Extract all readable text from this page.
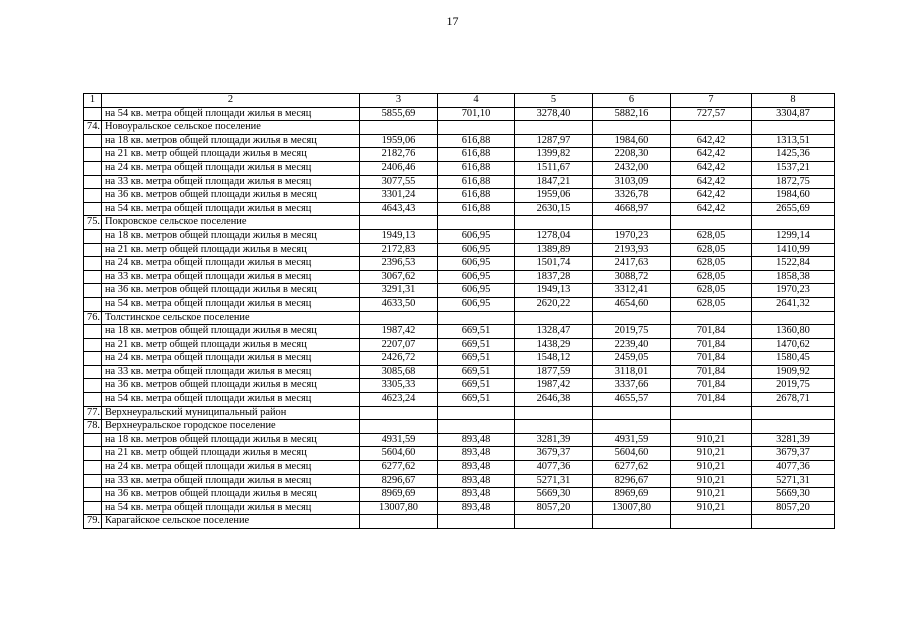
17
1	2	3	4	5	6	7	8
	на 54 кв. метра общей площади жилья в месяц	5855,69	701,10	3278,40	5882,16	727,57	3304,87
74.	Новоуральское сельское поселение						
	на 18 кв. метров общей площади жилья в месяц	1959,06	616,88	1287,97	1984,60	642,42	1313,51
	на 21 кв. метр общей площади жилья в месяц	2182,76	616,88	1399,82	2208,30	642,42	1425,36
	на 24 кв. метра общей площади жилья в месяц	2406,46	616,88	1511,67	2432,00	642,42	1537,21
	на 33 кв. метра общей площади жилья в месяц	3077,55	616,88	1847,21	3103,09	642,42	1872,75
	на 36 кв. метров общей площади жилья в месяц	3301,24	616,88	1959,06	3326,78	642,42	1984,60
	на 54 кв. метра общей площади жилья в месяц	4643,43	616,88	2630,15	4668,97	642,42	2655,69
75.	Покровское сельское поселение						
	на 18 кв. метров общей площади жилья в месяц	1949,13	606,95	1278,04	1970,23	628,05	1299,14
	на 21 кв. метр общей площади жилья в месяц	2172,83	606,95	1389,89	2193,93	628,05	1410,99
	на 24 кв. метра общей площади жилья в месяц	2396,53	606,95	1501,74	2417,63	628,05	1522,84
	на 33 кв. метра общей площади жилья в месяц	3067,62	606,95	1837,28	3088,72	628,05	1858,38
	на 36 кв. метров общей площади жилья в месяц	3291,31	606,95	1949,13	3312,41	628,05	1970,23
	на 54 кв. метра общей площади жилья в месяц	4633,50	606,95	2620,22	4654,60	628,05	2641,32
76.	Толстинское сельское поселение						
	на 18 кв. метров общей площади жилья в месяц	1987,42	669,51	1328,47	2019,75	701,84	1360,80
	на 21 кв. метр общей площади жилья в месяц	2207,07	669,51	1438,29	2239,40	701,84	1470,62
	на 24 кв. метра общей площади жилья в месяц	2426,72	669,51	1548,12	2459,05	701,84	1580,45
	на 33 кв. метра общей площади жилья в месяц	3085,68	669,51	1877,59	3118,01	701,84	1909,92
	на 36 кв. метров общей площади жилья в месяц	3305,33	669,51	1987,42	3337,66	701,84	2019,75
	на 54 кв. метра общей площади жилья в месяц	4623,24	669,51	2646,38	4655,57	701,84	2678,71
77.	Верхнеуральский муниципальный район						
78.	Верхнеуральское городское поселение						
	на 18 кв. метров общей площади жилья в месяц	4931,59	893,48	3281,39	4931,59	910,21	3281,39
	на 21 кв. метр общей площади жилья в месяц	5604,60	893,48	3679,37	5604,60	910,21	3679,37
	на 24 кв. метра общей площади жилья в месяц	6277,62	893,48	4077,36	6277,62	910,21	4077,36
	на 33 кв. метра общей площади жилья в месяц	8296,67	893,48	5271,31	8296,67	910,21	5271,31
	на 36 кв. метров общей площади жилья в месяц	8969,69	893,48	5669,30	8969,69	910,21	5669,30
	на 54 кв. метра общей площади жилья в месяц	13007,80	893,48	8057,20	13007,80	910,21	8057,20
79.	Карагайское сельское поселение						
